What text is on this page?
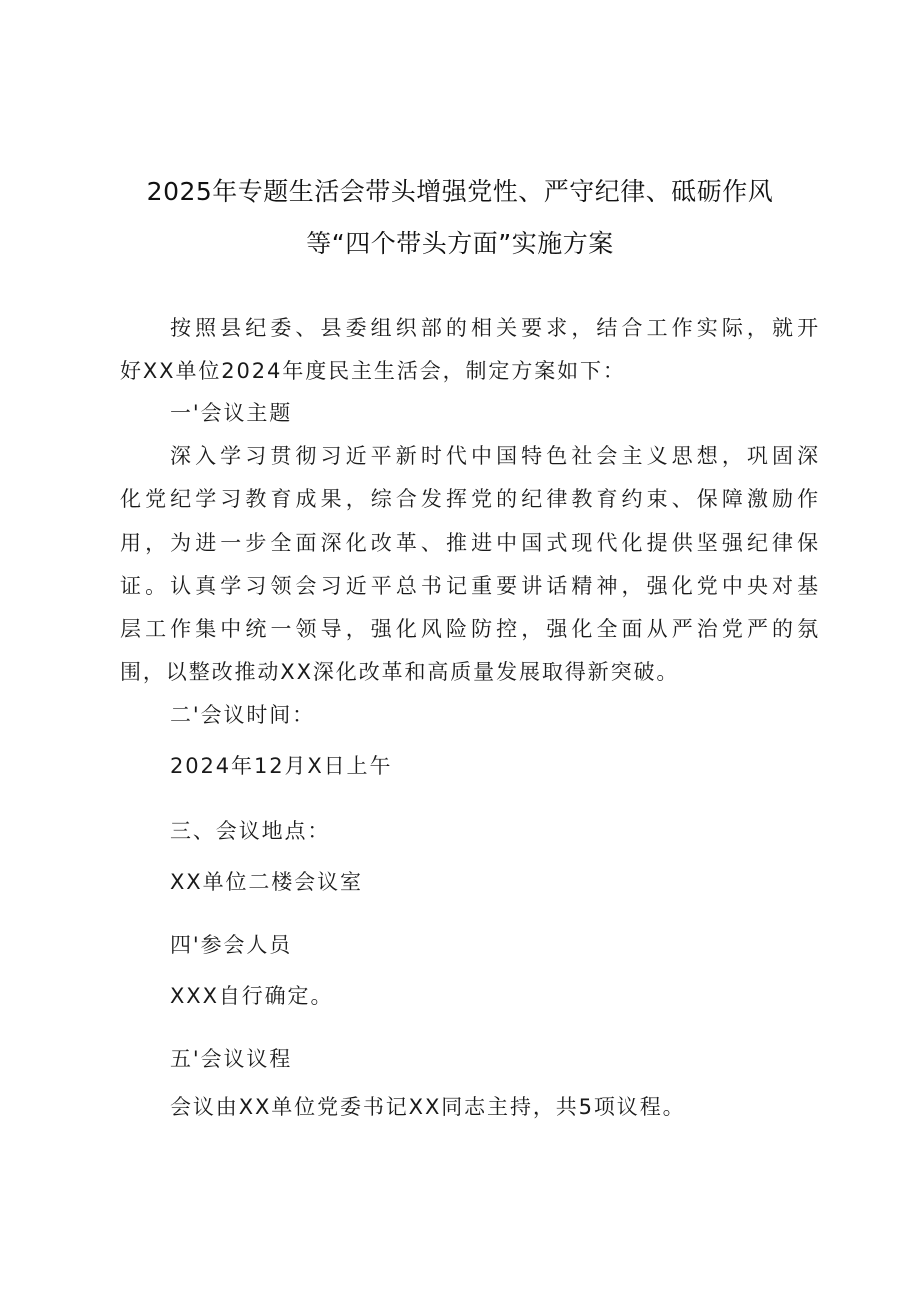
2025年专题生活会带头增强党性、严守纪律、砥砺作风
等“四个带头方面”实施方案
按照县纪委、县委组织部的相关要求，结合工作实际，就开
好XX单位2024年度民主生活会，制定方案如下：
一'会议主题
深入学习贯彻习近平新时代中国特色社会主义思想，巩固深
化党纪学习教育成果，综合发挥党的纪律教育约束、保障激励作
用，为进一步全面深化改革、推进中国式现代化提供坚强纪律保
证。认真学习领会习近平总书记重要讲话精神，强化党中央对基
层工作集中统一领导，强化风险防控，强化全面从严治党严的氛
围，以整改推动XX深化改革和高质量发展取得新突破。
二'会议时间：
2024年12月X日上午
三、会议地点：
XX单位二楼会议室
四'参会人员
XXX自行确定。
五'会议议程
会议由XX单位党委书记XX同志主持，共5项议程。
